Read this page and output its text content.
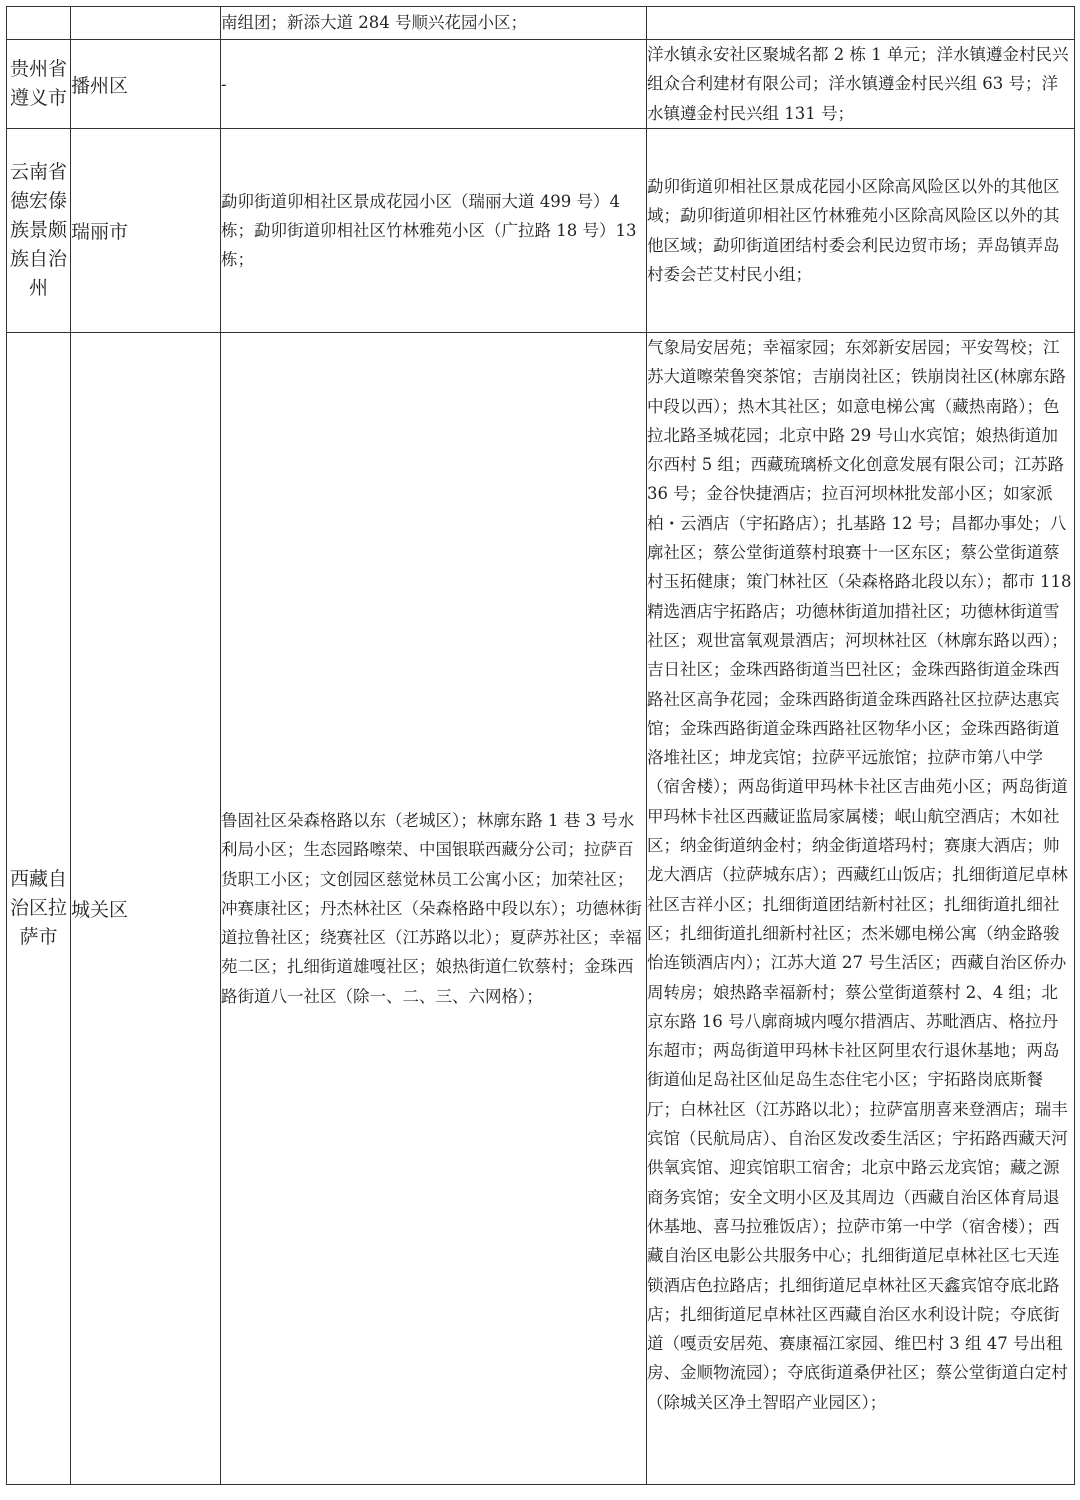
		南组团；新添大道 284 号顺兴花园小区；	

贵州省遵义市	播州区	-	洋水镇永安社区聚城名都 2 栋 1 单元；洋水镇遵金村民兴组众合利建材有限公司；洋水镇遵金村民兴组 63 号；洋水镇遵金村民兴组 131 号；

云南省德宏傣族景颇族自治州	瑞丽市	勐卯街道卯相社区景成花园小区（瑞丽大道 499 号）4 栋；勐卯街道卯相社区竹林雅苑小区（广拉路 18 号）13 栋；	勐卯街道卯相社区景成花园小区除高风险区以外的其他区域；勐卯街道卯相社区竹林雅苑小区除高风险区以外的其他区域；勐卯街道团结村委会利民边贸市场；弄岛镇弄岛村委会芒艾村民小组；

西藏自治区拉萨市	城关区	鲁固社区朵森格路以东（老城区）；林廓东路 1 巷 3 号水利局小区；生态园路嚓荣、中国银联西藏分公司；拉萨百货职工小区；文创园区慈觉林员工公寓小区；加荣社区；冲赛康社区；丹杰林社区（朵森格路中段以东）；功德林街道拉鲁社区；绕赛社区（江苏路以北）；夏萨苏社区；幸福苑二区；扎细街道雄嘎社区；娘热街道仁钦蔡村；金珠西路街道八一社区（除一、二、三、六网格）；	气象局安居苑；幸福家园；东郊新安居园；平安驾校；江苏大道嚓荣鲁突茶馆；吉崩岗社区；铁崩岗社区(林廓东路中段以西）；热木其社区；如意电梯公寓（藏热南路）；色拉北路圣城花园；北京中路 29 号山水宾馆；娘热街道加尔西村 5 组；西藏琉璃桥文化创意发展有限公司；江苏路 36 号；金谷快捷酒店；拉百河坝林批发部小区；如家派柏・云酒店（宇拓路店）；扎基路 12 号；昌都办事处；八廓社区；蔡公堂街道蔡村琅赛十一区东区；蔡公堂街道蔡村玉拓健康；策门林社区（朵森格路北段以东）；都市 118 精选酒店宇拓路店；功德林街道加措社区；功德林街道雪社区；观世富氧观景酒店；河坝林社区（林廓东路以西）；吉日社区；金珠西路街道当巴社区；金珠西路街道金珠西路社区高争花园；金珠西路街道金珠西路社区拉萨达惠宾馆；金珠西路街道金珠西路社区物华小区；金珠西路街道洛堆社区；坤龙宾馆；拉萨平远旅馆；拉萨市第八中学（宿舍楼）；两岛街道甲玛林卡社区吉曲苑小区；两岛街道甲玛林卡社区西藏证监局家属楼；岷山航空酒店；木如社区；纳金街道纳金村；纳金街道塔玛村；赛康大酒店；帅龙大酒店（拉萨城东店）；西藏红山饭店；扎细街道尼卓林社区吉祥小区；扎细街道团结新村社区；扎细街道扎细社区；扎细街道扎细新村社区；杰米娜电梯公寓（纳金路骏怡连锁酒店内）；江苏大道 27 号生活区；西藏自治区侨办周转房；娘热路幸福新村；蔡公堂街道蔡村 2、4 组；北京东路 16 号八廓商城内嘎尔措酒店、苏毗酒店、格拉丹东超市；两岛街道甲玛林卡社区阿里农行退休基地；两岛街道仙足岛社区仙足岛生态住宅小区；宇拓路岗底斯餐厅；白林社区（江苏路以北）；拉萨富朋喜来登酒店；瑞丰宾馆（民航局店）、自治区发改委生活区；宇拓路西藏天河供氧宾馆、迎宾馆职工宿舍；北京中路云龙宾馆；藏之源商务宾馆；安全文明小区及其周边（西藏自治区体育局退休基地、喜马拉雅饭店）；拉萨市第一中学（宿舍楼）；西藏自治区电影公共服务中心；扎细街道尼卓林社区七天连锁酒店色拉路店；扎细街道尼卓林社区天鑫宾馆夺底北路店；扎细街道尼卓林社区西藏自治区水利设计院；夺底街道（嘎贡安居苑、赛康福江家园、维巴村 3 组 47 号出租房、金顺物流园）；夺底街道桑伊社区；蔡公堂街道白定村（除城关区净土智昭产业园区）；
